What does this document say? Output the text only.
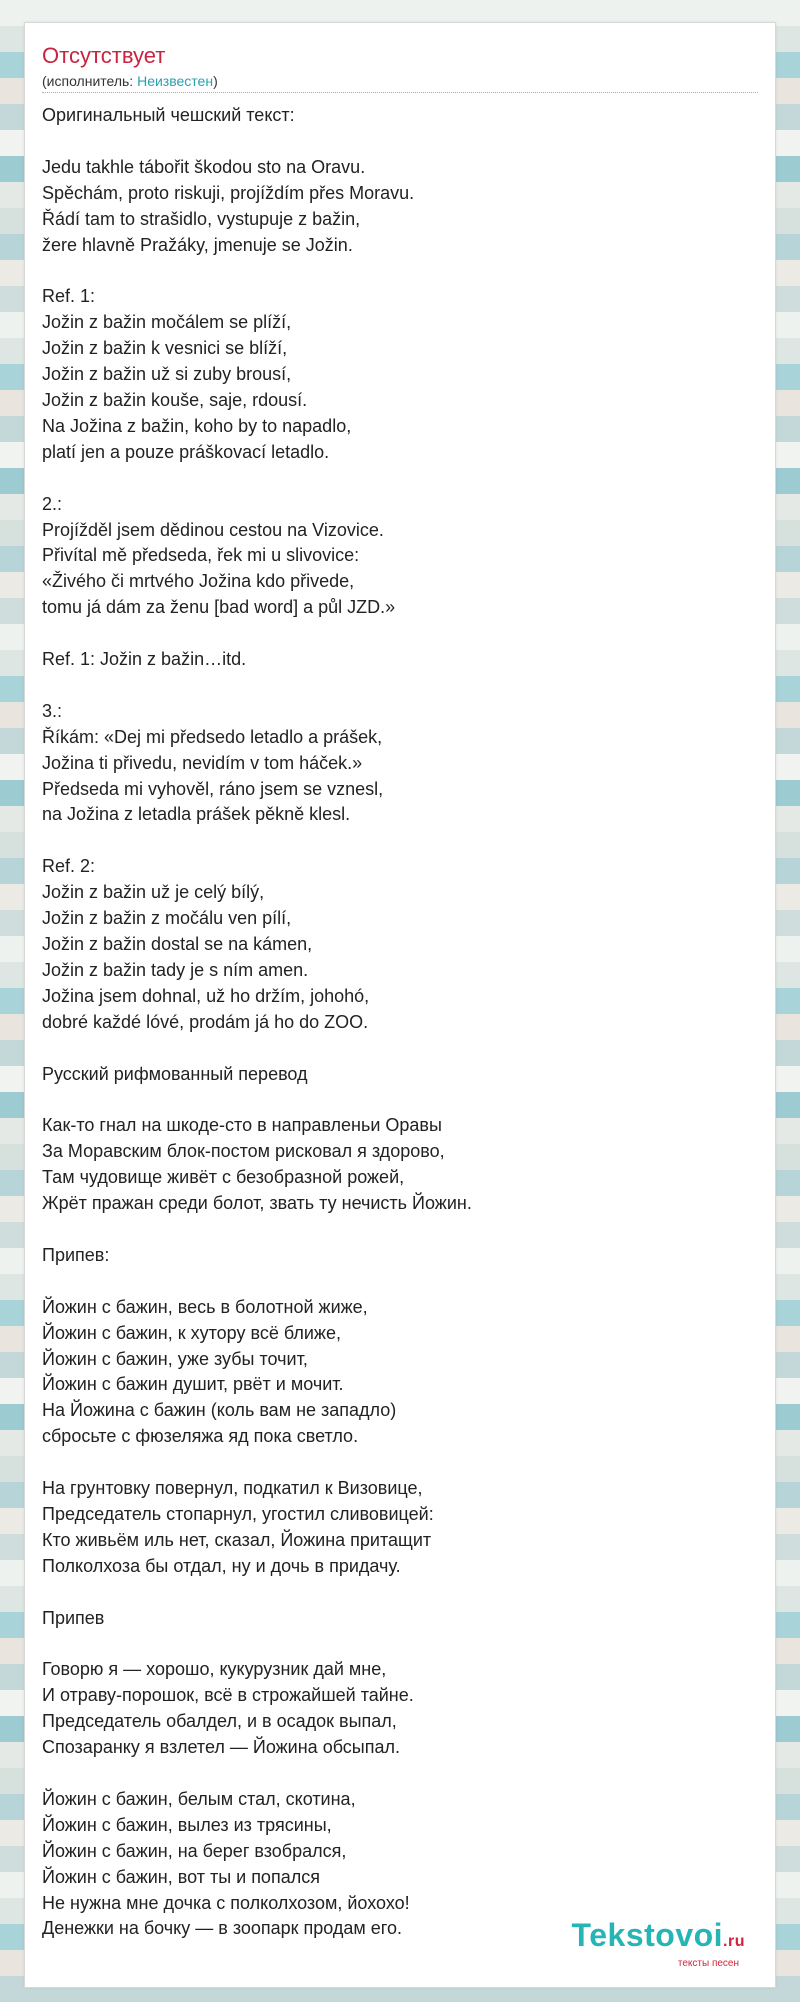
Отсутствует
(исполнитель: Неизвестен)
Оригинальный чешский текст:

Jedu takhle tábořit škodou sto na Oravu.
Spěchám, proto riskuji, projíždím přes Moravu.
Řádí tam to strašidlo, vystupuje z bažin,
žere hlavně Pražáky, jmenuje se Jožin.

Ref. 1:
Jožin z bažin močálem se plíží,
Jožin z bažin k vesnici se blíží,
Jožin z bažin už si zuby brousí,
Jožin z bažin kouše, saje, rdousí.
Na Jožina z bažin, koho by to napadlo,
platí jen a pouze práškovací letadlo.

2.:
Projížděl jsem dědinou cestou na Vizovice.
Přivítal mě předseda, řek mi u slivovice:
«Živého či mrtvého Jožina kdo přivede,
tomu já dám za ženu [bad word] a půl JZD.»

Ref. 1: Jožin z bažin…itd.

3.:
Říkám: «Dej mi předsedo letadlo a prášek,
Jožina ti přivedu, nevidím v tom háček.»
Předseda mi vyhověl, ráno jsem se vznesl,
na Jožina z letadla prášek pěkně klesl.

Ref. 2:
Jožin z bažin už je celý bílý,
Jožin z bažin z močálu ven pílí,
Jožin z bažin dostal se na kámen,
Jožin z bažin tady je s ním amen.
Jožina jsem dohnal, už ho držím, johohó,
dobré každé lóvé, prodám já ho do ZOO.

Русский рифмованный перевод

Как-то гнал на шкоде-сто в направленьи Оравы
За Моравским блок-постом рисковал я здорово,
Там чудовище живёт с безобразной рожей,
Жрёт пражан среди болот, звать ту нечисть Йожин.

Припев:

Йожин с бажин, весь в болотной жиже,
Йожин с бажин, к хутору всё ближе,
Йожин с бажин, уже зубы точит,
Йожин с бажин душит, рвёт и мочит.
На Йожина с бажин (коль вам не западло)
сбросьте с фюзеляжа яд пока светло.

На грунтовку повернул, подкатил к Визовице,
Председатель стопарнул, угостил сливовицей:
Кто живьём иль нет, сказал, Йожина притащит
Полколхоза бы отдал, ну и дочь в придачу.

Припев

Говорю я — хорошо, кукурузник дай мне,
И отраву-порошок, всё в строжайшей тайне.
Председатель обалдел, и в осадок выпал,
Спозаранку я взлетел — Йожина обсыпал.

Йожин с бажин, белым стал, скотина,
Йожин с бажин, вылез из трясины,
Йожин с бажин, на берег взобрался,
Йожин с бажин, вот ты и попался
Не нужна мне дочка с полколхозом, йохохо!
Денежки на бочку — в зоопарк продам его.	Tekstovoi.ru
тексты песен
